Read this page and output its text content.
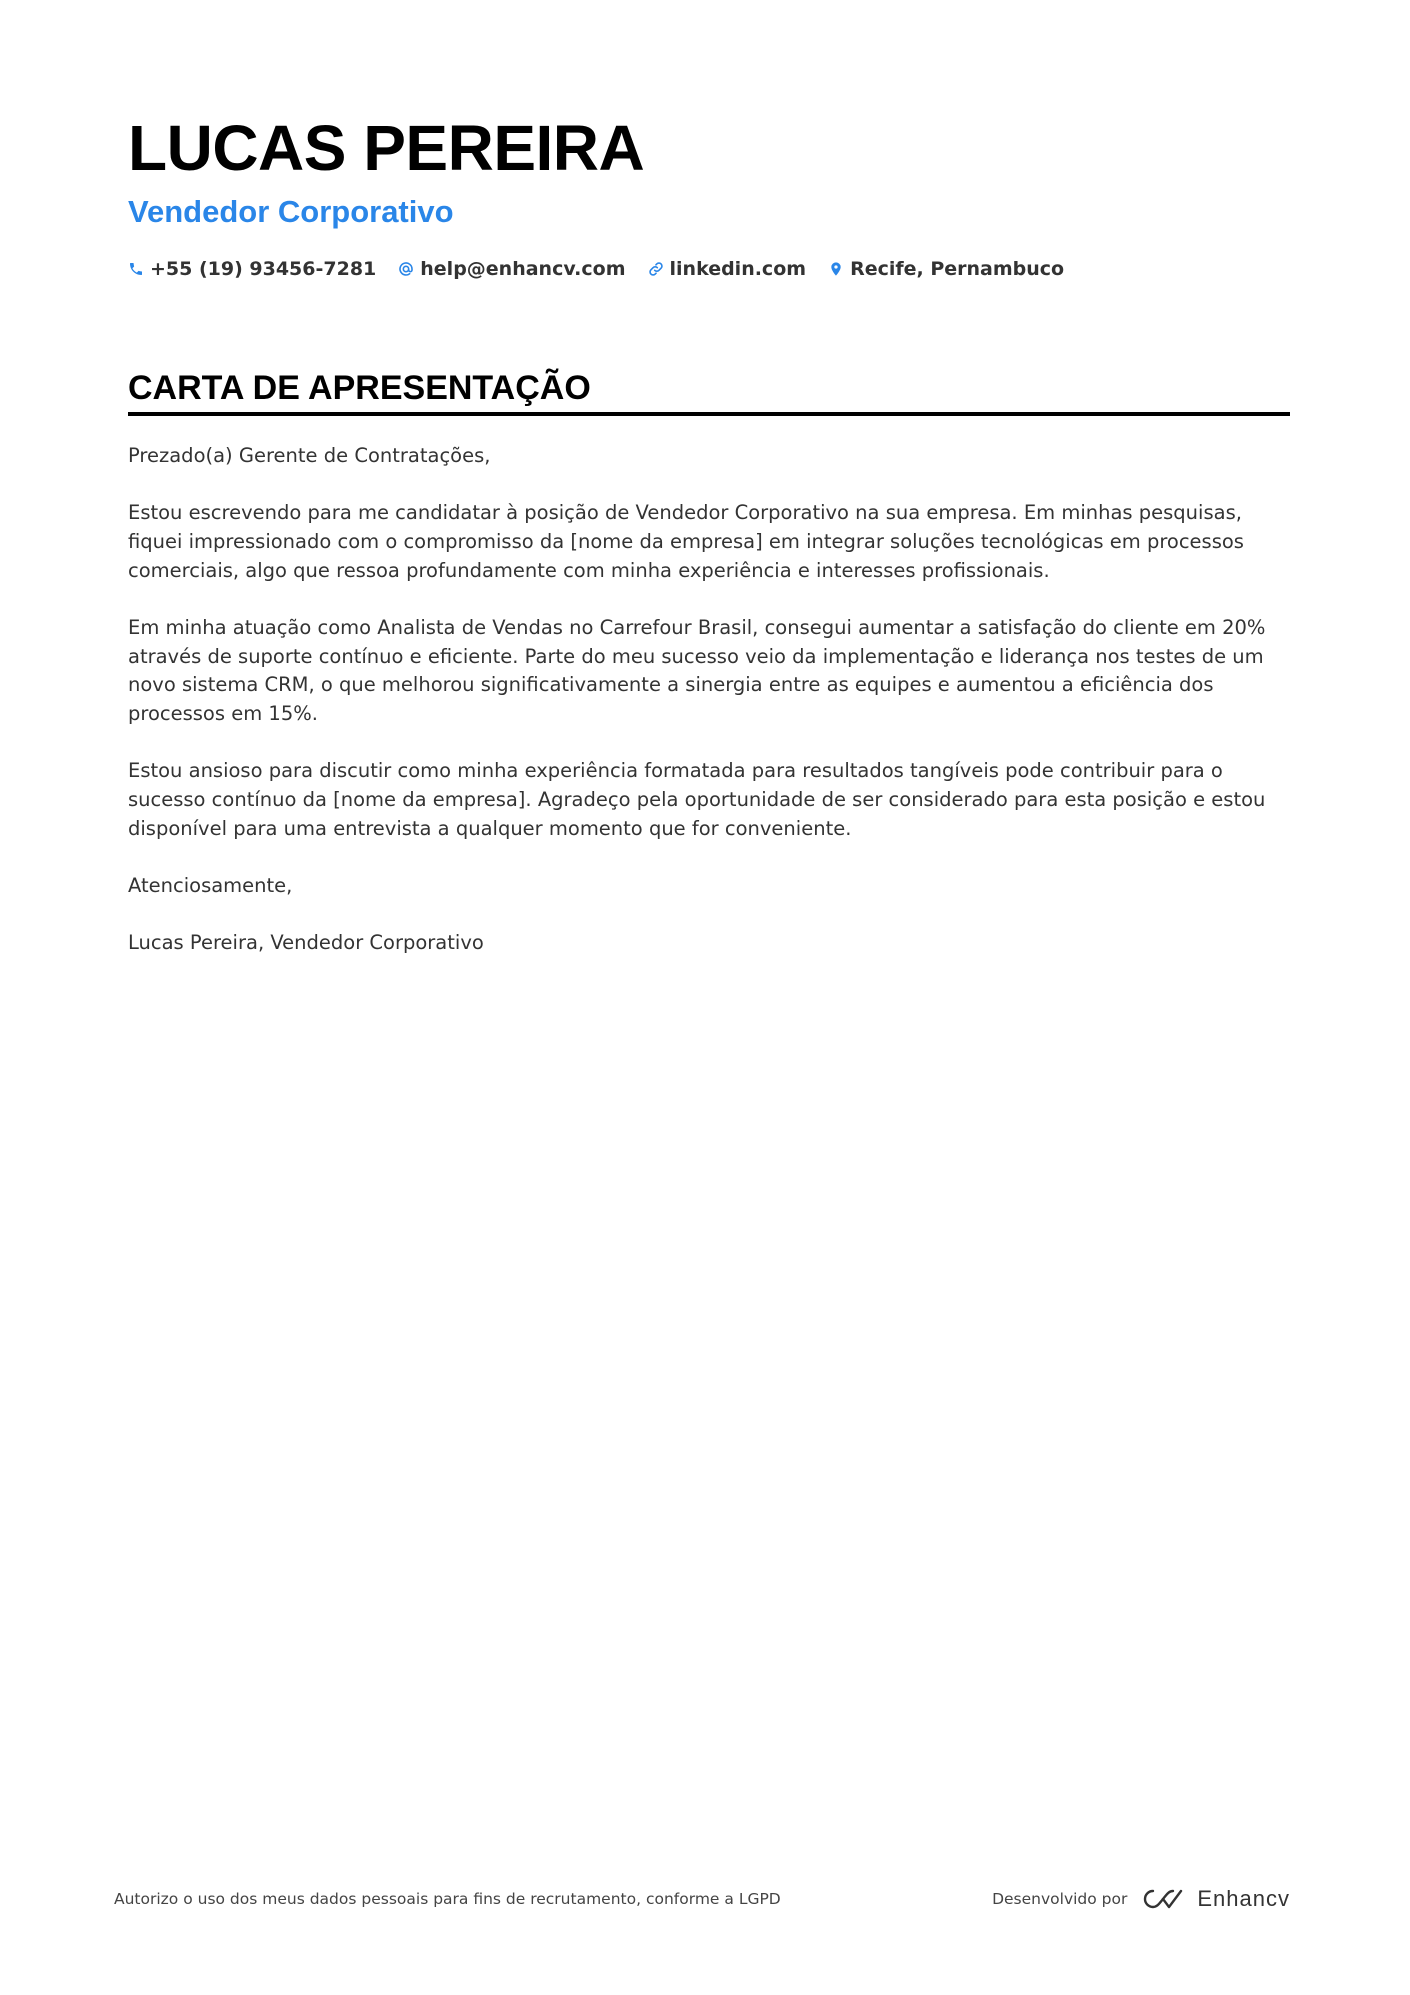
LUCAS PEREIRA
Vendedor Corporativo
+55 (19) 93456-7281 help@enhancv.com linkedin.com Recife, Pernambuco
CARTA DE APRESENTAÇÃO

Prezado(a) Gerente de Contratações,

Estou escrevendo para me candidatar à posição de Vendedor Corporativo na sua empresa. Em minhas pesquisas, fiquei impressionado com o compromisso da [nome da empresa] em integrar soluções tecnológicas em processos comerciais, algo que ressoa profundamente com minha experiência e interesses profissionais.

Em minha atuação como Analista de Vendas no Carrefour Brasil, consegui aumentar a satisfação do cliente em 20% através de suporte contínuo e eficiente. Parte do meu sucesso veio da implementação e liderança nos testes de um novo sistema CRM, o que melhorou significativamente a sinergia entre as equipes e aumentou a eficiência dos processos em 15%.

Estou ansioso para discutir como minha experiência formatada para resultados tangíveis pode contribuir para o sucesso contínuo da [nome da empresa]. Agradeço pela oportunidade de ser considerado para esta posição e estou disponível para uma entrevista a qualquer momento que for conveniente.

Atenciosamente,

Lucas Pereira, Vendedor Corporativo

Autorizo o uso dos meus dados pessoais para fins de recrutamento, conforme a LGPD	Desenvolvido por	Enhancv
